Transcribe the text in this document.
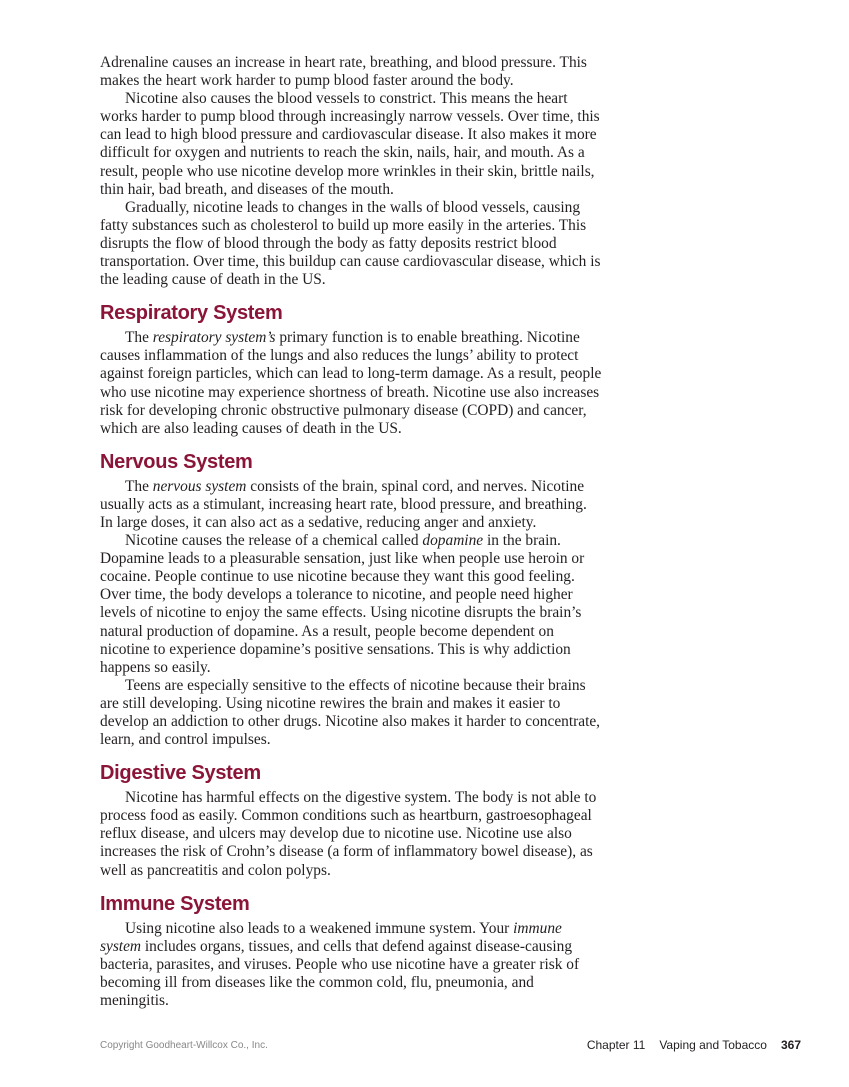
Adrenaline causes an increase in heart rate, breathing, and blood pressure. This makes the heart work harder to pump blood faster around the body.

Nicotine also causes the blood vessels to constrict. This means the heart works harder to pump blood through increasingly narrow vessels. Over time, this can lead to high blood pressure and cardiovascular disease. It also makes it more difficult for oxygen and nutrients to reach the skin, nails, hair, and mouth. As a result, people who use nicotine develop more wrinkles in their skin, brittle nails, thin hair, bad breath, and diseases of the mouth.

Gradually, nicotine leads to changes in the walls of blood vessels, causing fatty substances such as cholesterol to build up more easily in the arteries. This disrupts the flow of blood through the body as fatty deposits restrict blood transportation. Over time, this buildup can cause cardiovascular disease, which is the leading cause of death in the US.

Respiratory System

The respiratory system’s primary function is to enable breathing. Nicotine causes inflammation of the lungs and also reduces the lungs’ ability to protect against foreign particles, which can lead to long-term damage. As a result, people who use nicotine may experience shortness of breath. Nicotine use also increases risk for developing chronic obstructive pulmonary disease (COPD) and cancer, which are also leading causes of death in the US.

Nervous System

The nervous system consists of the brain, spinal cord, and nerves. Nicotine usually acts as a stimulant, increasing heart rate, blood pressure, and breathing. In large doses, it can also act as a sedative, reducing anger and anxiety.

Nicotine causes the release of a chemical called dopamine in the brain. Dopamine leads to a pleasurable sensation, just like when people use heroin or cocaine. People continue to use nicotine because they want this good feeling. Over time, the body develops a tolerance to nicotine, and people need higher levels of nicotine to enjoy the same effects. Using nicotine disrupts the brain’s natural production of dopamine. As a result, people become dependent on nicotine to experience dopamine’s positive sensations. This is why addiction happens so easily.

Teens are especially sensitive to the effects of nicotine because their brains are still developing. Using nicotine rewires the brain and makes it easier to develop an addiction to other drugs. Nicotine also makes it harder to concentrate, learn, and control impulses.

Digestive System

Nicotine has harmful effects on the digestive system. The body is not able to process food as easily. Common conditions such as heartburn, gastroesophageal reflux disease, and ulcers may develop due to nicotine use. Nicotine use also increases the risk of Crohn’s disease (a form of inflammatory bowel disease), as well as pancreatitis and colon polyps.

Immune System

Using nicotine also leads to a weakened immune system. Your immune system includes organs, tissues, and cells that defend against disease-causing bacteria, parasites, and viruses. People who use nicotine have a greater risk of becoming ill from diseases like the common cold, flu, pneumonia, and meningitis.

Copyright Goodheart-Willcox Co., Inc.	Chapter 11 Vaping and Tobacco 367
